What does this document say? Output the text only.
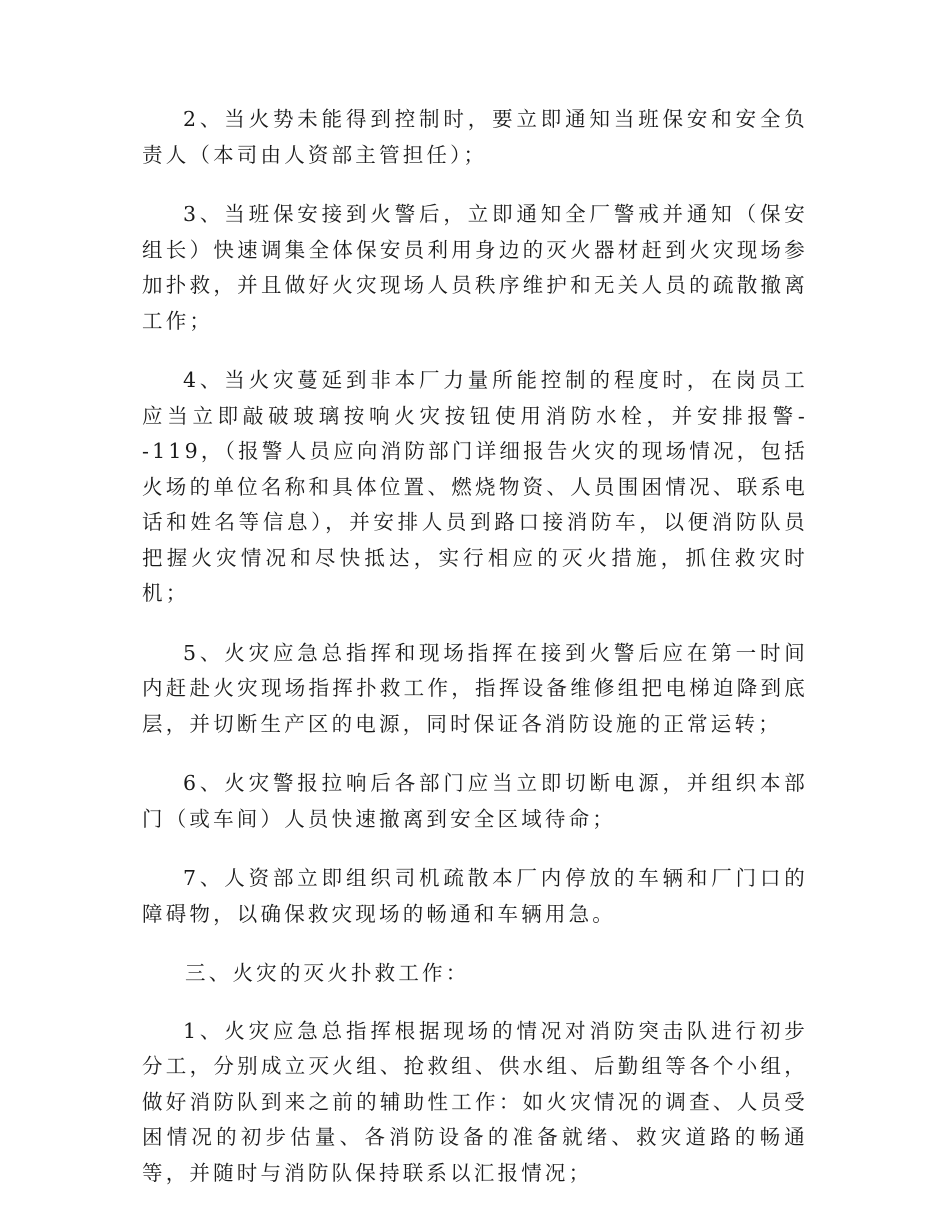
2、当火势未能得到控制时，要立即通知当班保安和安全负责人（本司由人资部主管担任）；

3、当班保安接到火警后，立即通知全厂警戒并通知（保安组长）快速调集全体保安员利用身边的灭火器材赶到火灾现场参加扑救，并且做好火灾现场人员秩序维护和无关人员的疏散撤离工作；

4、当火灾蔓延到非本厂力量所能控制的程度时，在岗员工应当立即敲破玻璃按响火灾按钮使用消防水栓，并安排报警--119，（报警人员应向消防部门详细报告火灾的现场情况，包括火场的单位名称和具体位置、燃烧物资、人员围困情况、联系电话和姓名等信息），并安排人员到路口接消防车，以便消防队员把握火灾情况和尽快抵达，实行相应的灭火措施，抓住救灾时机；

5、火灾应急总指挥和现场指挥在接到火警后应在第一时间内赶赴火灾现场指挥扑救工作，指挥设备维修组把电梯迫降到底层，并切断生产区的电源，同时保证各消防设施的正常运转；

6、火灾警报拉响后各部门应当立即切断电源，并组织本部门（或车间）人员快速撤离到安全区域待命；

7、人资部立即组织司机疏散本厂内停放的车辆和厂门口的障碍物，以确保救灾现场的畅通和车辆用急。

三、火灾的灭火扑救工作：

1、火灾应急总指挥根据现场的情况对消防突击队进行初步分工，分别成立灭火组、抢救组、供水组、后勤组等各个小组，做好消防队到来之前的辅助性工作：如火灾情况的调查、人员受困情况的初步估量、各消防设备的准备就绪、救灾道路的畅通等，并随时与消防队保持联系以汇报情况；
